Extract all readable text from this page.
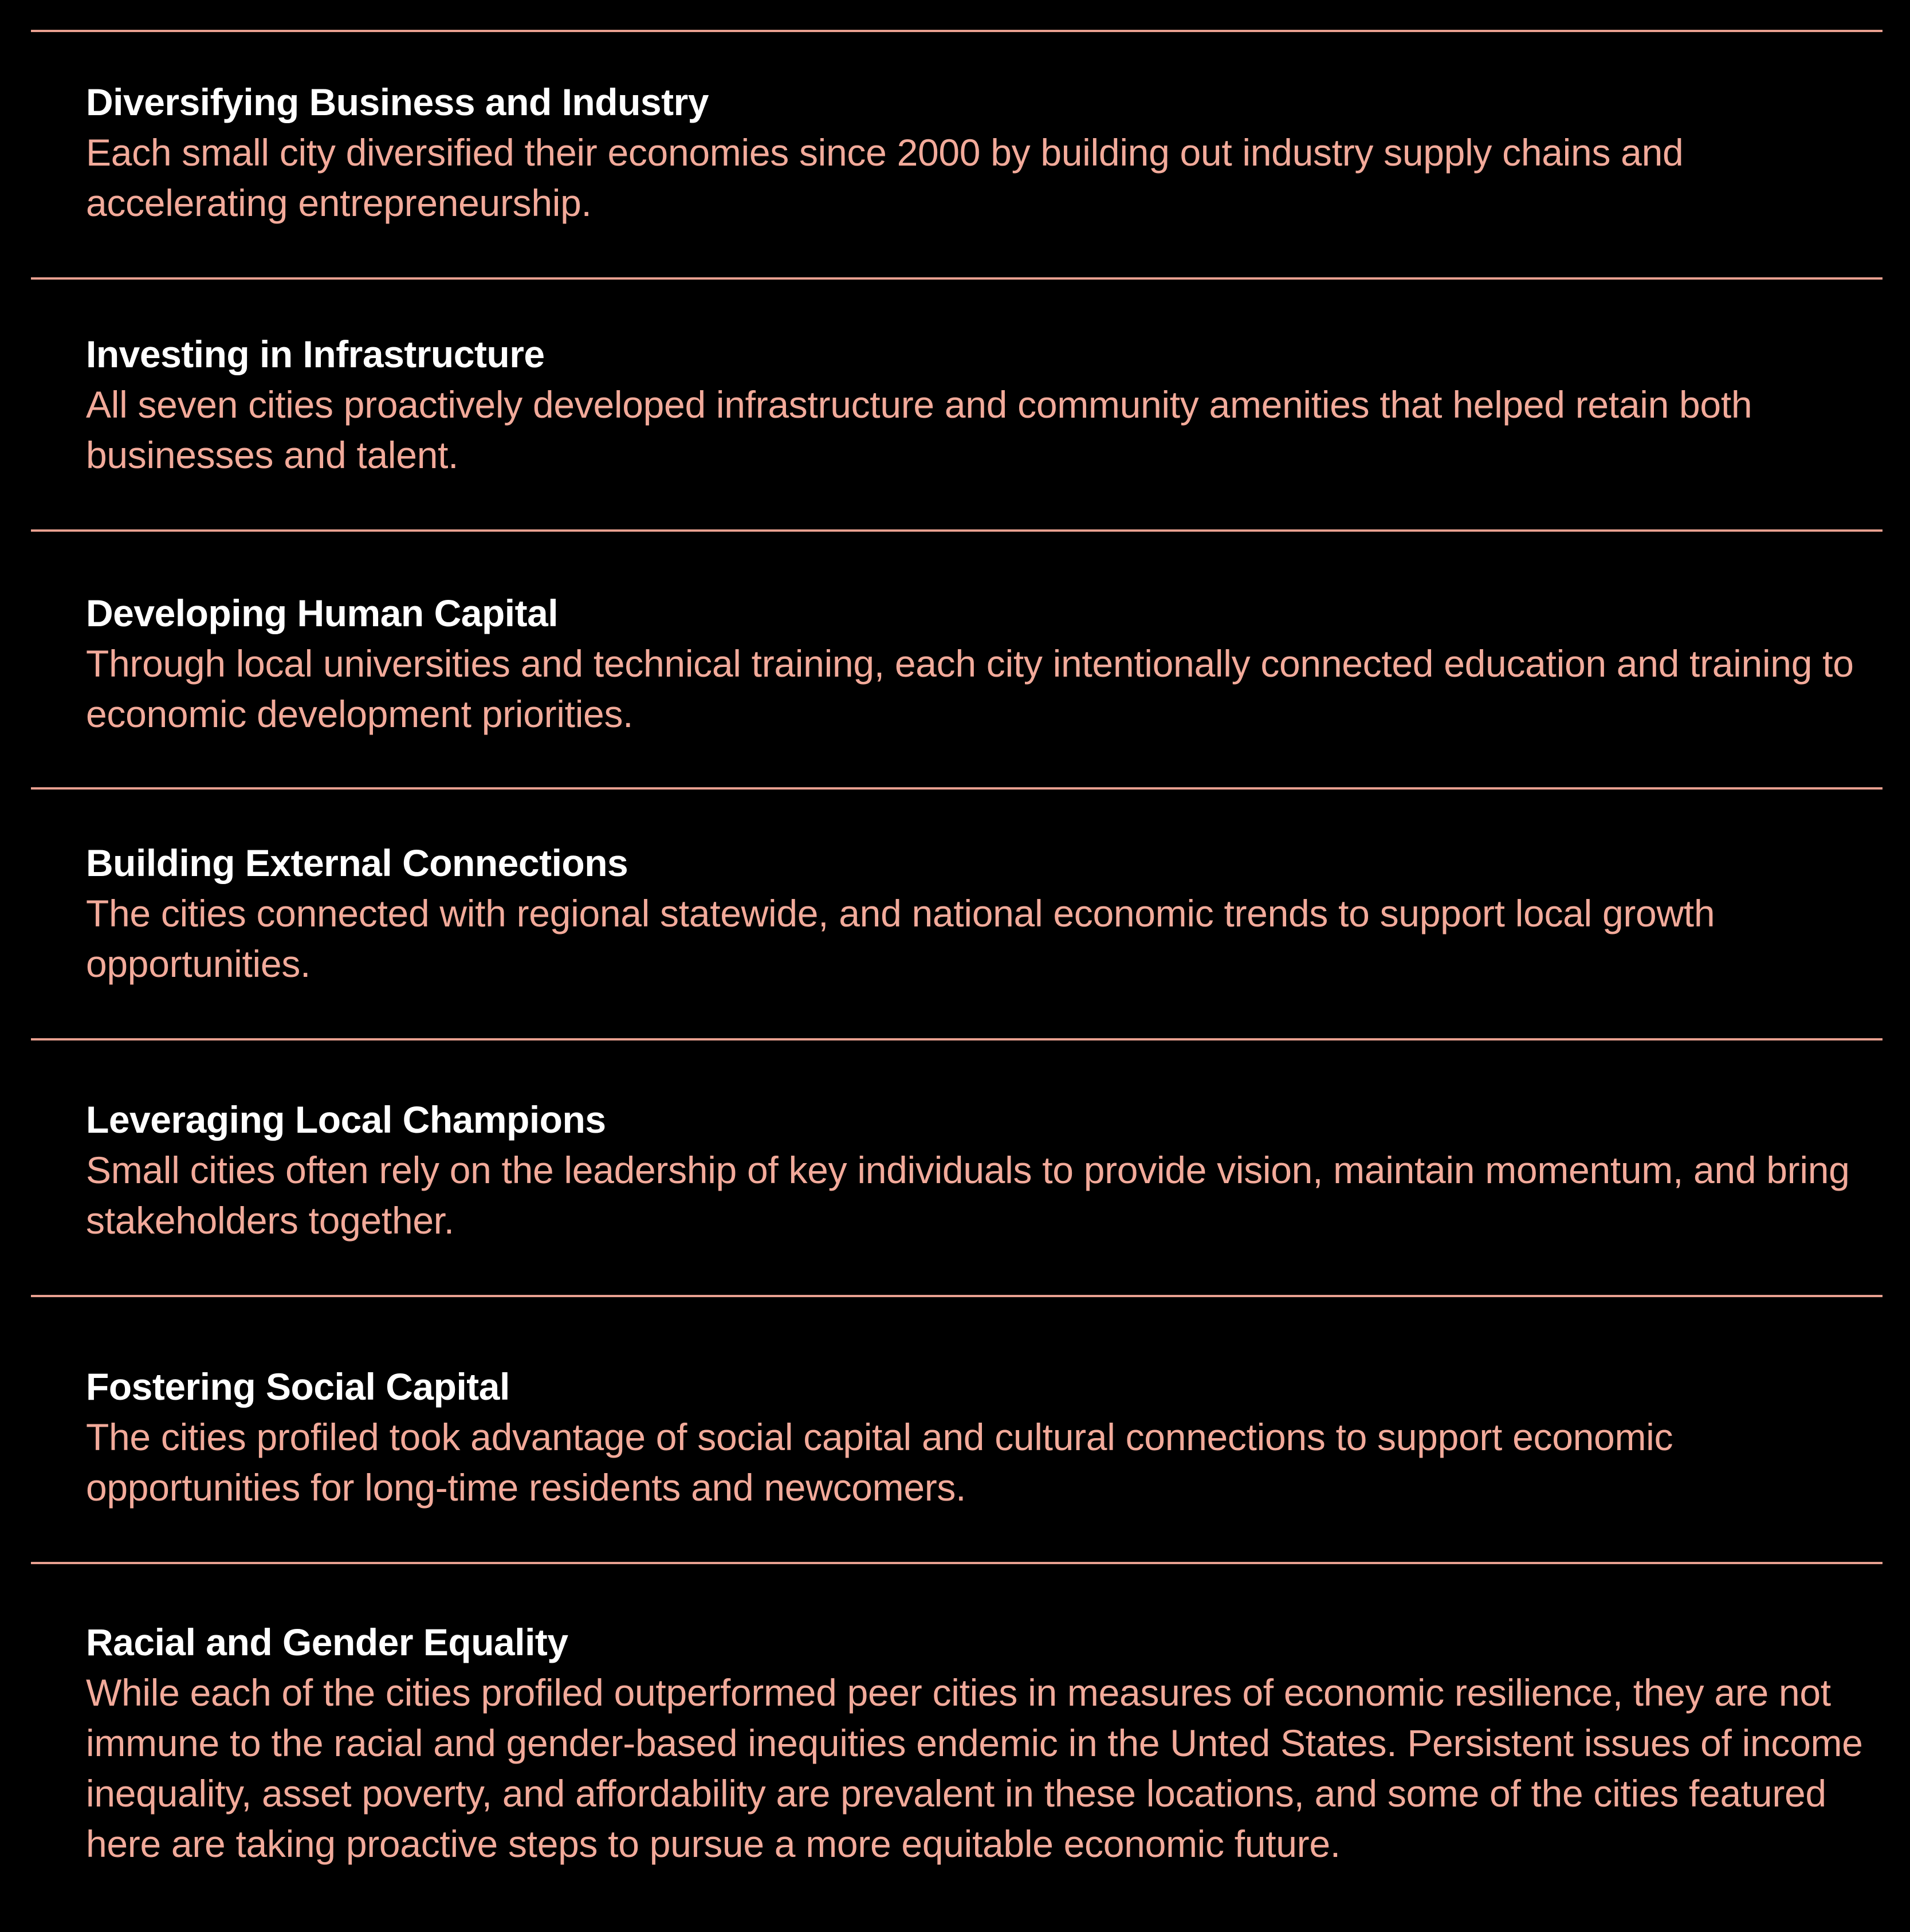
Diversifying Business and Industry

Each small city diversified their economies since 2000 by building out industry supply chains and accelerating entrepreneurship.

Investing in Infrastructure

All seven cities proactively developed infrastructure and community amenities that helped retain both businesses and talent.

Developing Human Capital

Through local universities and technical training, each city intentionally connected education and training to economic development priorities.

Building External Connections

The cities connected with regional statewide, and national economic trends to support local growth opportunities.

Leveraging Local Champions

Small cities often rely on the leadership of key individuals to provide vision, maintain momentum, and bring stakeholders together.

Fostering Social Capital

The cities profiled took advantage of social capital and cultural connections to support economic opportunities for long-time residents and newcomers.

Racial and Gender Equality

While each of the cities profiled outperformed peer cities in measures of economic resilience, they are not immune to the racial and gender-based inequities endemic in the Unted States. Persistent issues of income inequality, asset poverty, and affordability are prevalent in these locations, and some of the cities featured here are taking proactive steps to pursue a more equitable economic future.
